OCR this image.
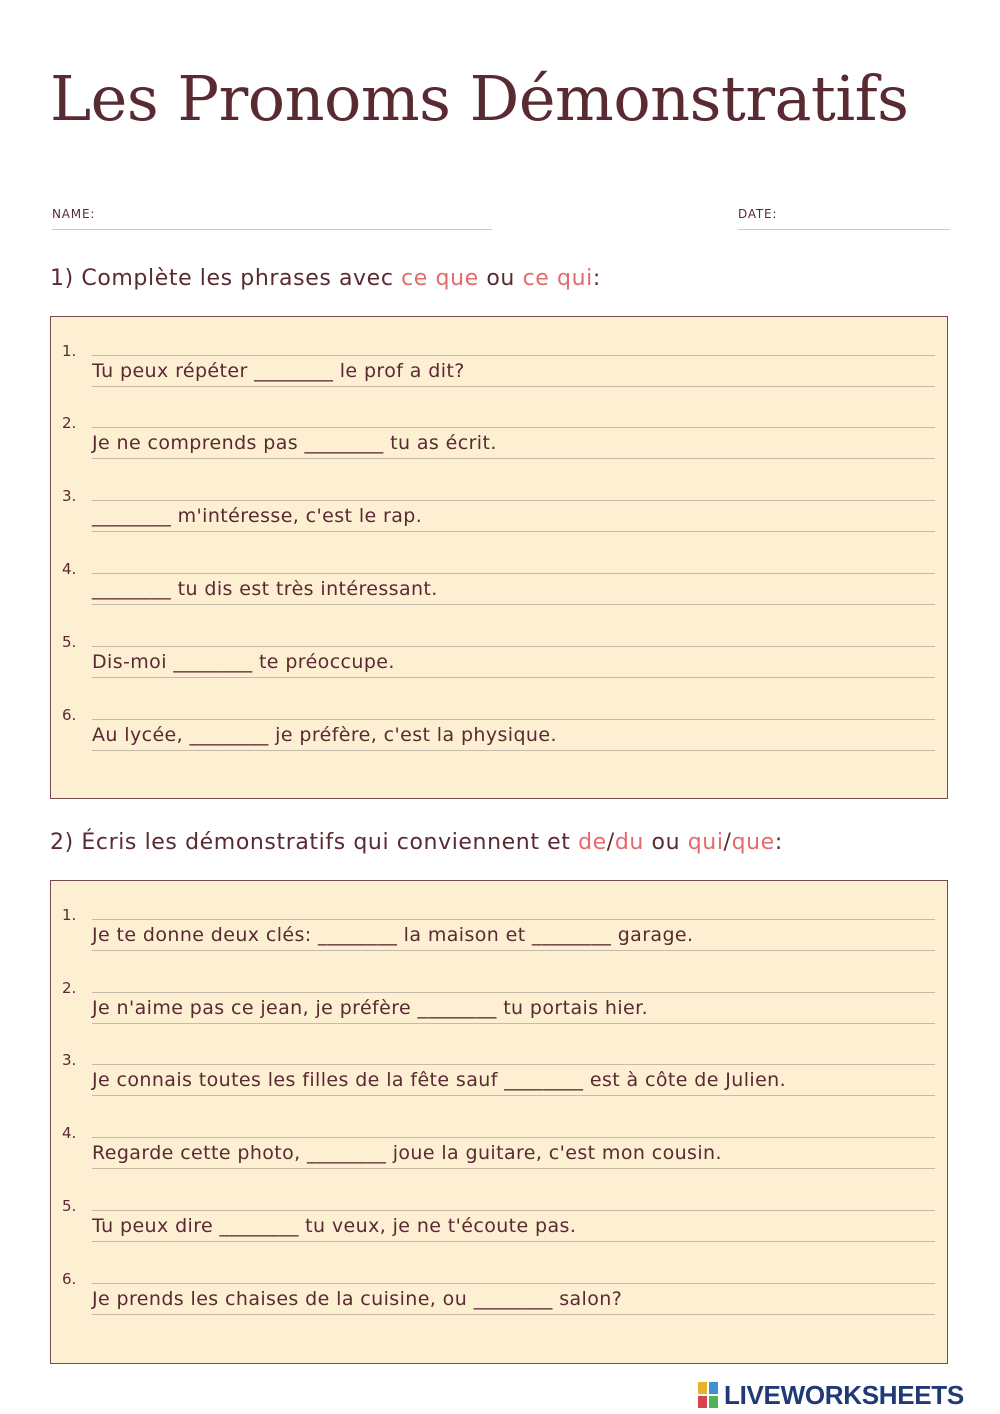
Les Pronoms Démonstratifs
NAME:	DATE:
1) Complète les phrases avec ce que ou ce qui:
1.
Tu peux répéter ________ le prof a dit?
2.
Je ne comprends pas ________ tu as écrit.
3.
________ m'intéresse, c'est le rap.
4.
________ tu dis est très intéressant.
5.
Dis-moi ________ te préoccupe.
6.
Au lycée, ________ je préfère, c'est la physique.
2) Écris les démonstratifs qui conviennent et de/du ou qui/que:
1.
Je te donne deux clés: ________ la maison et ________ garage.
2.
Je n'aime pas ce jean, je préfère ________ tu portais hier.
3.
Je connais toutes les filles de la fête sauf ________ est à côte de Julien.
4.
Regarde cette photo, ________ joue la guitare, c'est mon cousin.
5.
Tu peux dire ________ tu veux, je ne t'écoute pas.
6.
Je prends les chaises de la cuisine, ou ________ salon?
LIVEWORKSHEETS
